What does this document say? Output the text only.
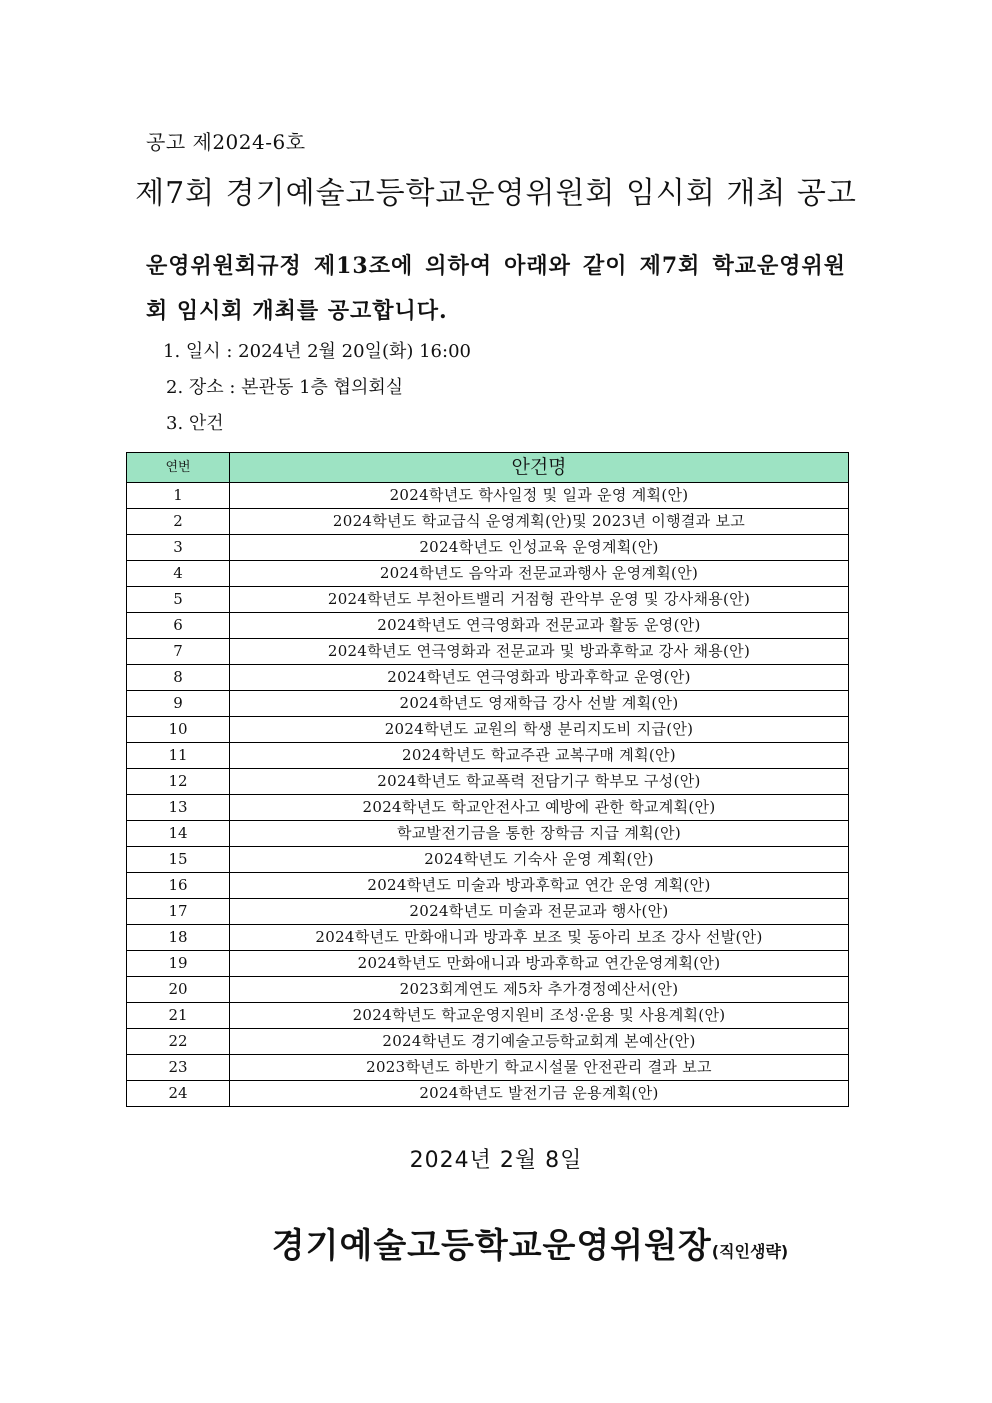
공고 제2024-6호
제7회 경기예술고등학교운영위원회 임시회 개최 공고
운영위원회규정 제13조에 의하여 아래와 같이 제7회 학교운영위원회 임시회 개최를 공고합니다.
1. 일시 : 2024년 2월 20일(화) 16:00
2. 장소 : 본관동 1층 협의회실
3. 안건
연번	안건명
1	2024학년도 학사일정 및 일과 운영 계획(안)
2	2024학년도 학교급식 운영계획(안)및 2023년 이행결과 보고
3	2024학년도 인성교육 운영계획(안)
4	2024학년도 음악과 전문교과행사 운영계획(안)
5	2024학년도 부천아트밸리 거점형 관악부 운영 및 강사채용(안)
6	2024학년도 연극영화과 전문교과 활동 운영(안)
7	2024학년도 연극영화과 전문교과 및 방과후학교 강사 채용(안)
8	2024학년도 연극영화과 방과후학교 운영(안)
9	2024학년도 영재학급 강사 선발 계획(안)
10	2024학년도 교원의 학생 분리지도비 지급(안)
11	2024학년도 학교주관 교복구매 계획(안)
12	2024학년도 학교폭력 전담기구 학부모 구성(안)
13	2024학년도 학교안전사고 예방에 관한 학교계획(안)
14	학교발전기금을 통한 장학금 지급 계획(안)
15	2024학년도 기숙사 운영 계획(안)
16	2024학년도 미술과 방과후학교 연간 운영 계획(안)
17	2024학년도 미술과 전문교과 행사(안)
18	2024학년도 만화애니과 방과후 보조 및 동아리 보조 강사 선발(안)
19	2024학년도 만화애니과 방과후학교 연간운영계획(안)
20	2023회계연도 제5차 추가경정예산서(안)
21	2024학년도 학교운영지원비 조성·운용 및 사용계획(안)
22	2024학년도 경기예술고등학교회계 본예산(안)
23	2023학년도 하반기 학교시설물 안전관리 결과 보고
24	2024학년도 발전기금 운용계획(안)
2024년 2월 8일
경기예술고등학교운영위원장(직인생략)
